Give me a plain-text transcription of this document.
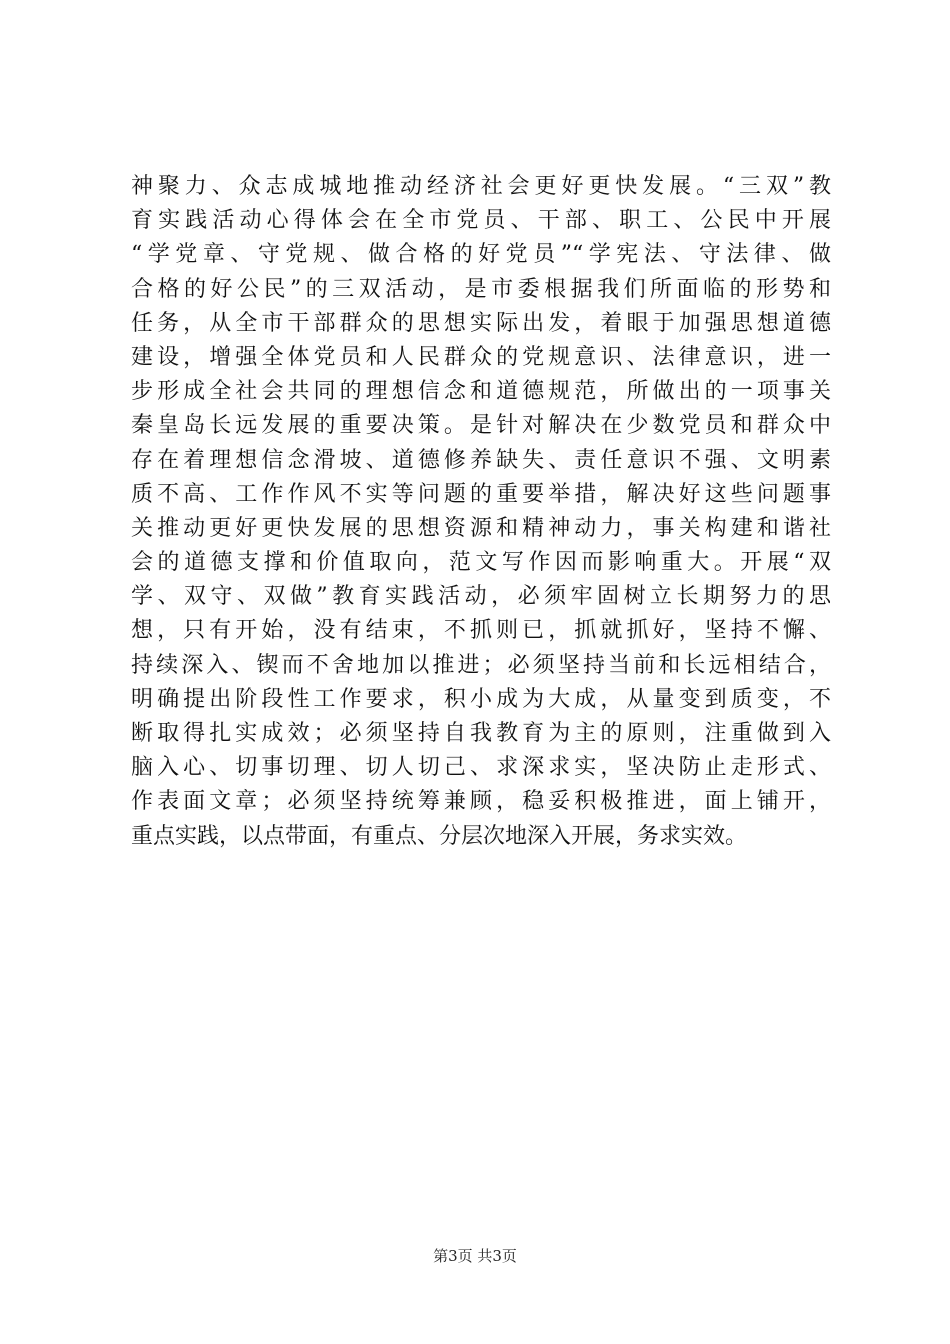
神聚力、众志成城地推动经济社会更好更快发展。“三双”教
育实践活动心得体会在全市党员、干部、职工、公民中开展
“学党章、守党规、做合格的好党员”“学宪法、守法律、做
合格的好公民”的三双活动，是市委根据我们所面临的形势和
任务，从全市干部群众的思想实际出发，着眼于加强思想道德
建设，增强全体党员和人民群众的党规意识、法律意识，进一
步形成全社会共同的理想信念和道德规范，所做出的一项事关
秦皇岛长远发展的重要决策。是针对解决在少数党员和群众中
存在着理想信念滑坡、道德修养缺失、责任意识不强、文明素
质不高、工作作风不实等问题的重要举措，解决好这些问题事
关推动更好更快发展的思想资源和精神动力，事关构建和谐社
会的道德支撑和价值取向，范文写作因而影响重大。开展“双
学、双守、双做”教育实践活动，必须牢固树立长期努力的思
想，只有开始，没有结束，不抓则已，抓就抓好，坚持不懈、
持续深入、锲而不舍地加以推进；必须坚持当前和长远相结合，
明确提出阶段性工作要求，积小成为大成，从量变到质变，不
断取得扎实成效；必须坚持自我教育为主的原则，注重做到入
脑入心、切事切理、切人切己、求深求实，坚决防止走形式、
作表面文章；必须坚持统筹兼顾，稳妥积极推进，面上铺开，
重点实践，以点带面，有重点、分层次地深入开展，务求实效。
第3页 共3页
